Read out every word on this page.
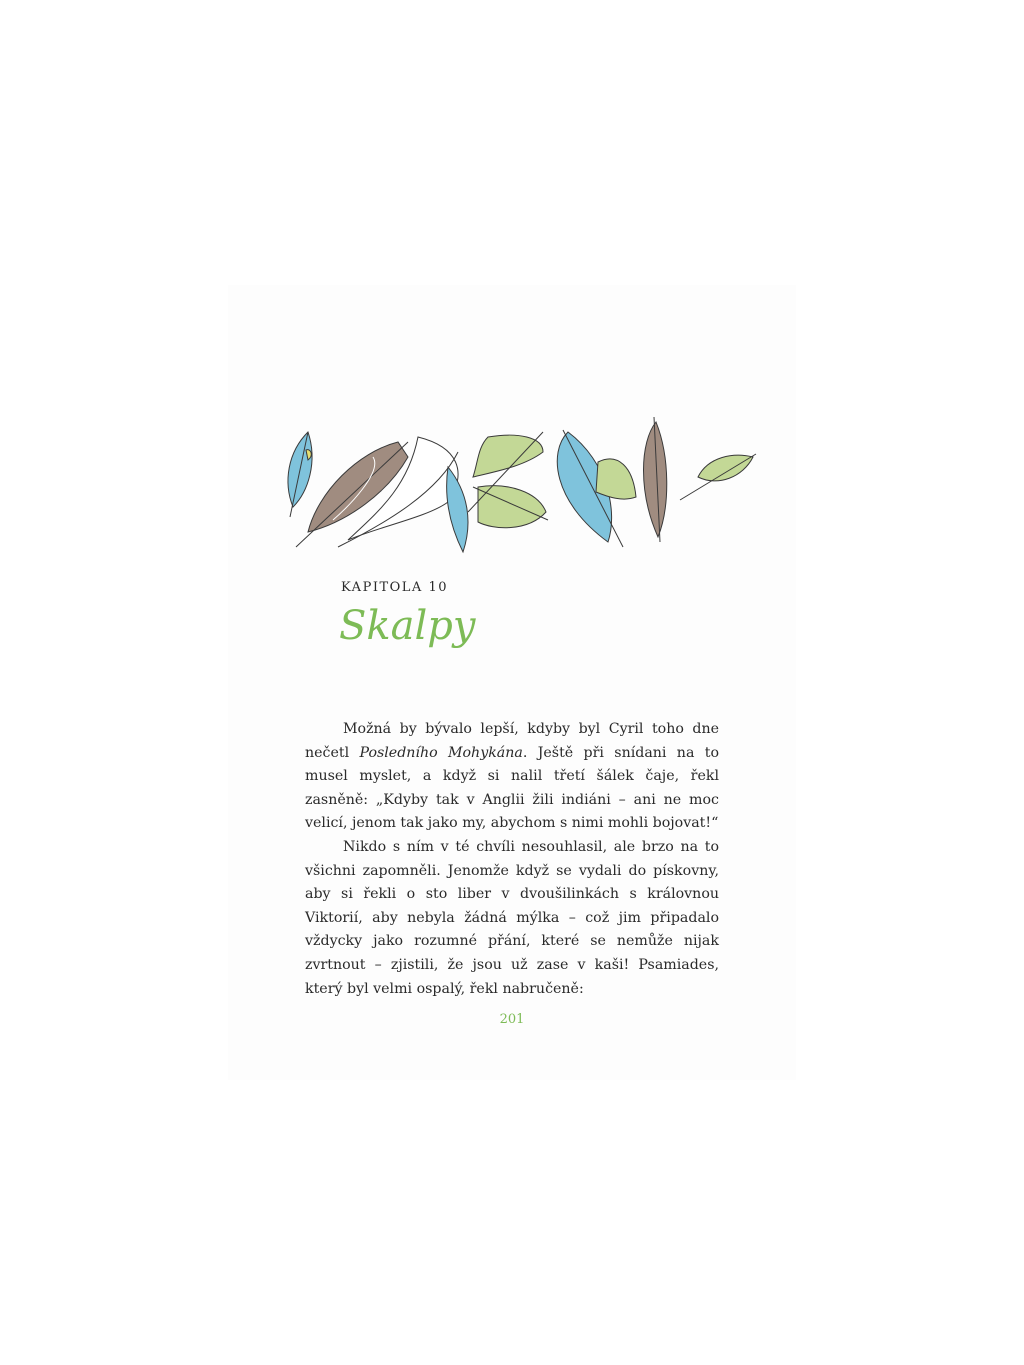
KAPITOLA 10
Skalpy

Možná by bývalo lepší, kdyby byl Cyril toho dne nečetl Posledního Mohykána. Ještě při snídani na to musel myslet, a když si nalil třetí šálek čaje, řekl zasněně: „Kdyby tak v Anglii žili indiáni – ani ne moc velicí, jenom tak jako my, abychom s nimi mohli bojovat!“

Nikdo s ním v té chvíli nesouhlasil, ale brzo na to všichni zapomněli. Jenomže když se vydali do pískovny, aby si řekli o sto liber v dvoušilinkách s královnou Viktorií, aby nebyla žádná mýlka – což jim připadalo vždycky jako rozumné přání, které se nemůže nijak zvrtnout – zjistili, že jsou už zase v kaši! Psamiades, který byl velmi ospalý, řekl nabručeně:

201
